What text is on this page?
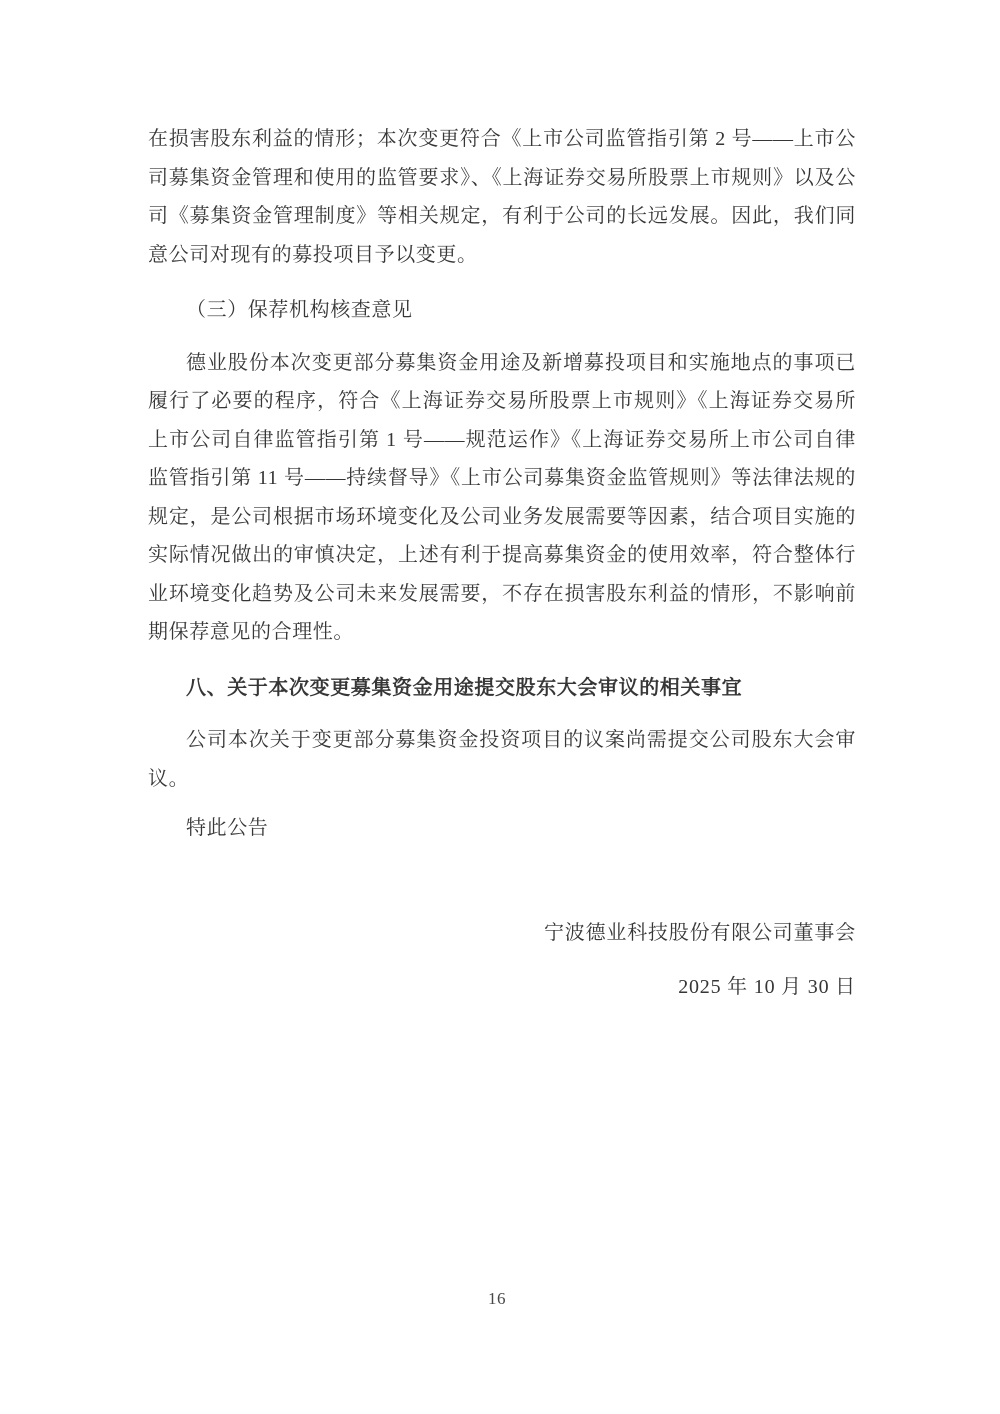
在损害股东利益的情形；本次变更符合《上市公司监管指引第 2 号——上市公司募集资金管理和使用的监管要求》、《上海证券交易所股票上市规则》以及公司《募集资金管理制度》等相关规定，有利于公司的长远发展。因此，我们同意公司对现有的募投项目予以变更。

（三）保荐机构核查意见

德业股份本次变更部分募集资金用途及新增募投项目和实施地点的事项已履行了必要的程序，符合《上海证券交易所股票上市规则》《上海证券交易所上市公司自律监管指引第 1 号——规范运作》《上海证券交易所上市公司自律监管指引第 11 号——持续督导》《上市公司募集资金监管规则》等法律法规的规定，是公司根据市场环境变化及公司业务发展需要等因素，结合项目实施的实际情况做出的审慎决定，上述有利于提高募集资金的使用效率，符合整体行业环境变化趋势及公司未来发展需要，不存在损害股东利益的情形，不影响前期保荐意见的合理性。

八、关于本次变更募集资金用途提交股东大会审议的相关事宜

公司本次关于变更部分募集资金投资项目的议案尚需提交公司股东大会审议。

特此公告

宁波德业科技股份有限公司董事会

2025 年 10 月 30 日

16
